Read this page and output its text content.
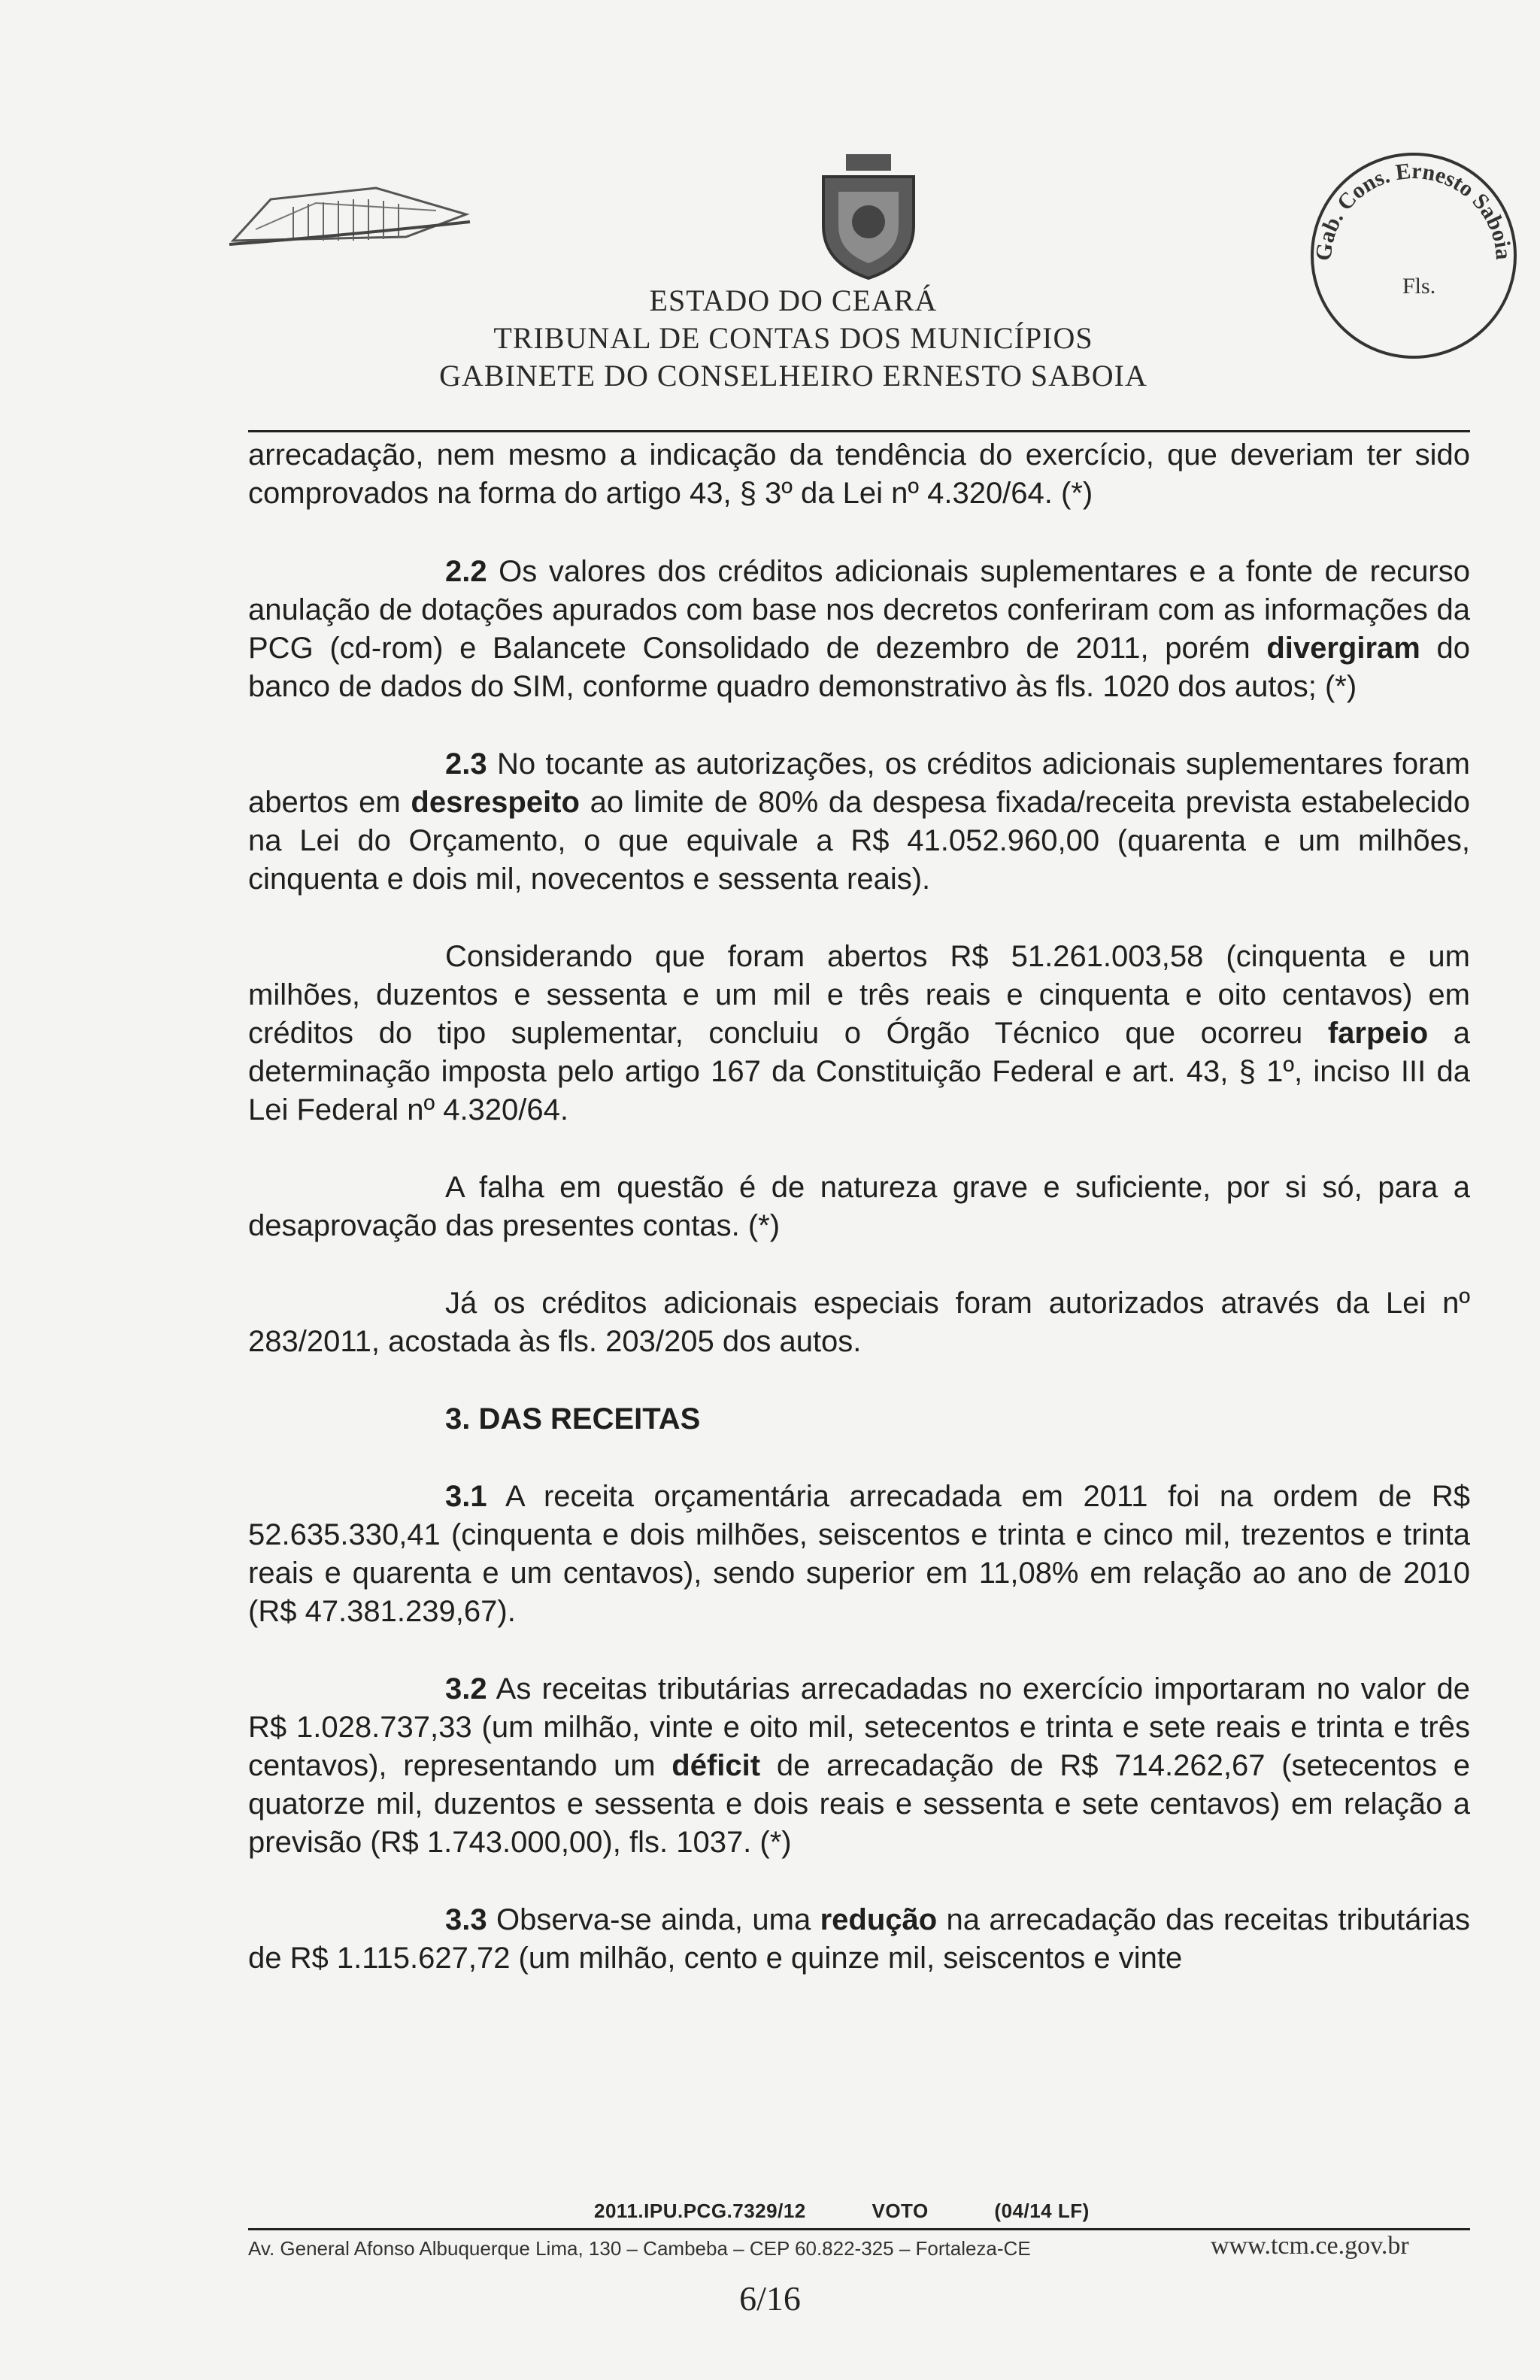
ESTADO DO CEARÁ
TRIBUNAL DE CONTAS DOS MUNICÍPIOS
GABINETE DO CONSELHEIRO ERNESTO SABOIA
Gab. Cons. Ernesto Saboia
Fls.

arrecadação, nem mesmo a indicação da tendência do exercício, que deveriam ter sido comprovados na forma do artigo 43, § 3º da Lei nº 4.320/64. (*)

2.2 Os valores dos créditos adicionais suplementares e a fonte de recurso anulação de dotações apurados com base nos decretos conferiram com as informações da PCG (cd-rom) e Balancete Consolidado de dezembro de 2011, porém divergiram do banco de dados do SIM, conforme quadro demonstrativo às fls. 1020 dos autos; (*)

2.3 No tocante as autorizações, os créditos adicionais suplementares foram abertos em desrespeito ao limite de 80% da despesa fixada/receita prevista estabelecido na Lei do Orçamento, o que equivale a R$ 41.052.960,00 (quarenta e um milhões, cinquenta e dois mil, novecentos e sessenta reais).

Considerando que foram abertos R$ 51.261.003,58 (cinquenta e um milhões, duzentos e sessenta e um mil e três reais e cinquenta e oito centavos) em créditos do tipo suplementar, concluiu o Órgão Técnico que ocorreu farpeio a determinação imposta pelo artigo 167 da Constituição Federal e art. 43, § 1º, inciso III da Lei Federal nº 4.320/64.

A falha em questão é de natureza grave e suficiente, por si só, para a desaprovação das presentes contas. (*)

Já os créditos adicionais especiais foram autorizados através da Lei nº 283/2011, acostada às fls. 203/205 dos autos.

3. DAS RECEITAS

3.1 A receita orçamentária arrecadada em 2011 foi na ordem de R$ 52.635.330,41 (cinquenta e dois milhões, seiscentos e trinta e cinco mil, trezentos e trinta reais e quarenta e um centavos), sendo superior em 11,08% em relação ao ano de 2010 (R$ 47.381.239,67).

3.2 As receitas tributárias arrecadadas no exercício importaram no valor de R$ 1.028.737,33 (um milhão, vinte e oito mil, setecentos e trinta e sete reais e trinta e três centavos), representando um déficit de arrecadação de R$ 714.262,67 (setecentos e quatorze mil, duzentos e sessenta e dois reais e sessenta e sete centavos) em relação a previsão (R$ 1.743.000,00), fls. 1037. (*)

3.3 Observa-se ainda, uma redução na arrecadação das receitas tributárias de R$ 1.115.627,72 (um milhão, cento e quinze mil, seiscentos e vinte

2011.IPU.PCG.7329/12	VOTO	(04/14 LF)
Av. General Afonso Albuquerque Lima, 130 – Cambeba – CEP 60.822-325 – Fortaleza-CE	www.tcm.ce.gov.br
6/16
